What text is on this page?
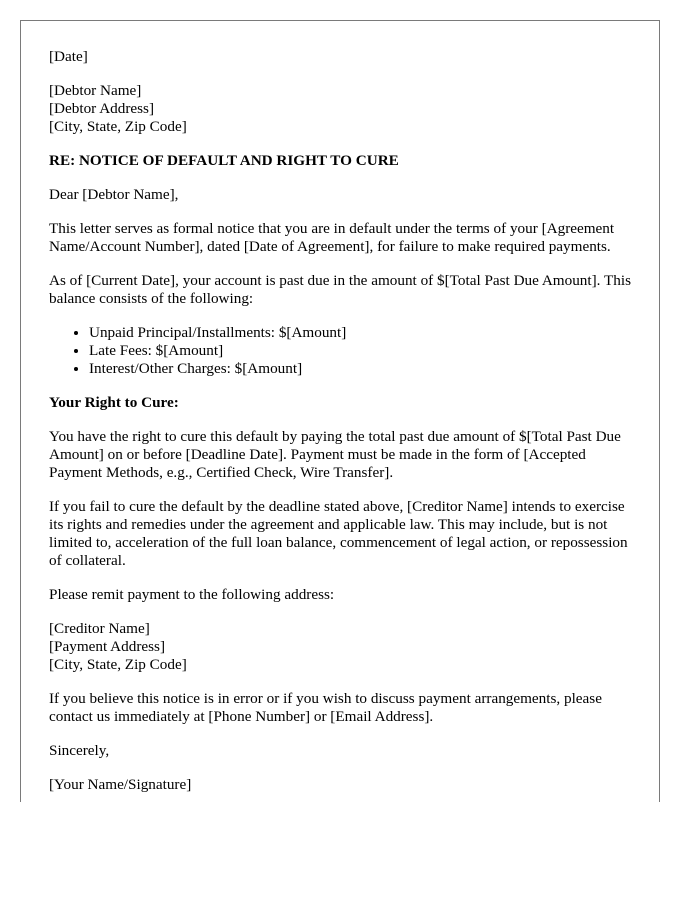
[Date]

[Debtor Name]
[Debtor Address]
[City, State, Zip Code]

RE: NOTICE OF DEFAULT AND RIGHT TO CURE

Dear [Debtor Name],

This letter serves as formal notice that you are in default under the terms of your [Agreement Name/Account Number], dated [Date of Agreement], for failure to make required payments.

As of [Current Date], your account is past due in the amount of $[Total Past Due Amount]. This balance consists of the following:

• Unpaid Principal/Installments: $[Amount]
• Late Fees: $[Amount]
• Interest/Other Charges: $[Amount]

Your Right to Cure:

You have the right to cure this default by paying the total past due amount of $[Total Past Due Amount] on or before [Deadline Date]. Payment must be made in the form of [Accepted Payment Methods, e.g., Certified Check, Wire Transfer].

If you fail to cure the default by the deadline stated above, [Creditor Name] intends to exercise its rights and remedies under the agreement and applicable law. This may include, but is not limited to, acceleration of the full loan balance, commencement of legal action, or repossession of collateral.

Please remit payment to the following address:

[Creditor Name]
[Payment Address]
[City, State, Zip Code]

If you believe this notice is in error or if you wish to discuss payment arrangements, please contact us immediately at [Phone Number] or [Email Address].

Sincerely,

[Your Name/Signature]
